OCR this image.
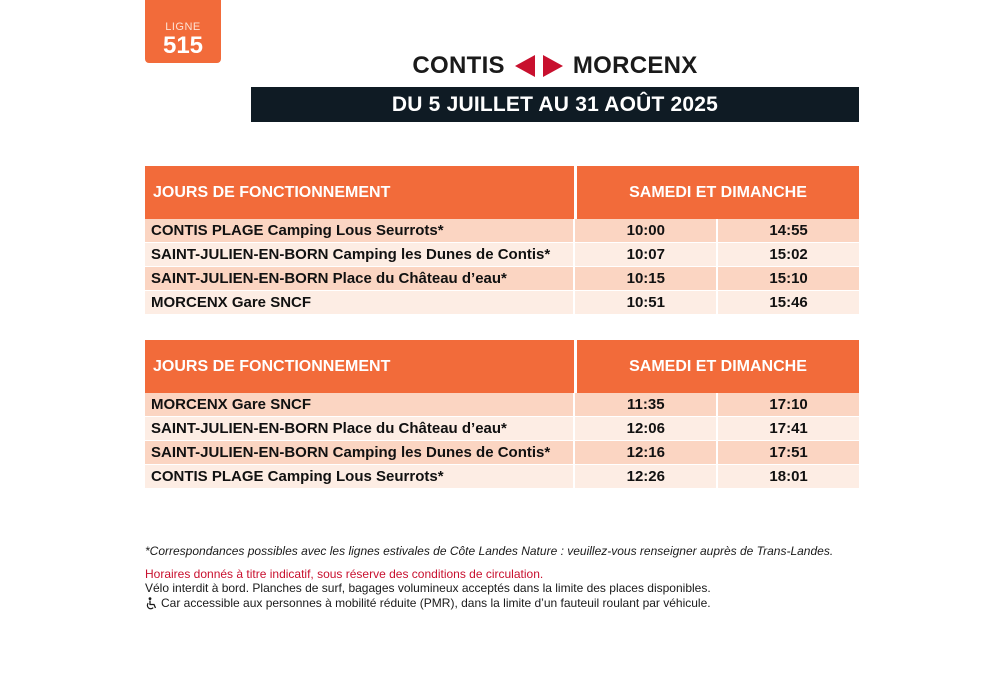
LIGNE
515
CONTIS	MORCENX
DU 5 JUILLET AU 31 AOÛT 2025
JOURS DE FONCTIONNEMENT	SAMEDI ET DIMANCHE
CONTIS PLAGE Camping Lous Seurrots*	10:00	14:55
SAINT-JULIEN-EN-BORN Camping les Dunes de Contis*	10:07	15:02
SAINT-JULIEN-EN-BORN Place du Château d’eau*	10:15	15:10
MORCENX Gare SNCF	10:51	15:46
JOURS DE FONCTIONNEMENT	SAMEDI ET DIMANCHE
MORCENX Gare SNCF	11:35	17:10
SAINT-JULIEN-EN-BORN Place du Château d’eau*	12:06	17:41
SAINT-JULIEN-EN-BORN Camping les Dunes de Contis*	12:16	17:51
CONTIS PLAGE Camping Lous Seurrots*	12:26	18:01

*Correspondances possibles avec les lignes estivales de Côte Landes Nature : veuillez-vous renseigner auprès de Trans-Landes.

Horaires donnés à titre indicatif, sous réserve des conditions de circulation.

Vélo interdit à bord. Planches de surf, bagages volumineux acceptés dans la limite des places disponibles.

Car accessible aux personnes à mobilité réduite (PMR), dans la limite d’un fauteuil roulant par véhicule.
